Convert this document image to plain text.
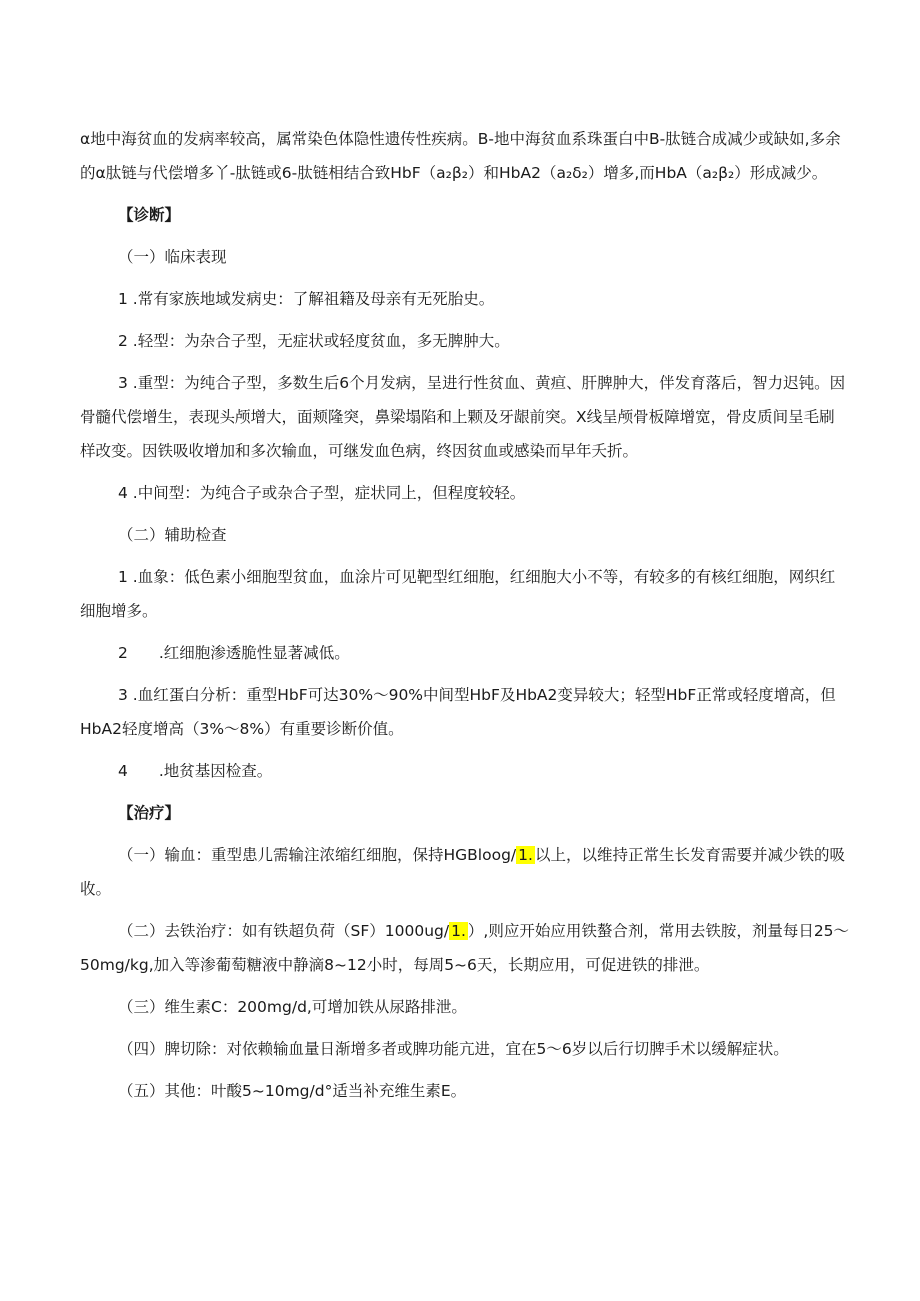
α地中海贫血的发病率较高，属常染色体隐性遗传性疾病。B-地中海贫血系珠蛋白中B-肽链合成减少或缺如,多余的α肽链与代偿增多丫-肽链或6-肽链相结合致HbF（a₂β₂）和HbA2（a₂δ₂）增多,而HbA（a₂β₂）形成减少。

【诊断】

（一）临床表现

1 .常有家族地域发病史：了解祖籍及母亲有无死胎史。

2 .轻型：为杂合子型，无症状或轻度贫血，多无脾肿大。

3 .重型：为纯合子型，多数生后6个月发病，呈进行性贫血、黄疸、肝脾肿大，伴发育落后，智力迟钝。因骨髓代偿增生，表现头颅增大，面颊隆突，鼻梁塌陷和上颗及牙龈前突。X线呈颅骨板障增宽，骨皮质间呈毛刷样改变。因铁吸收增加和多次输血，可继发血色病，终因贫血或感染而早年夭折。

4 .中间型：为纯合子或杂合子型，症状同上，但程度较轻。

（二）辅助检查

1 .血象：低色素小细胞型贫血，血涂片可见靶型红细胞，红细胞大小不等，有较多的有核红细胞，网织红细胞增多。

2　　.红细胞渗透脆性显著减低。

3 .血红蛋白分析：重型HbF可达30%～90%中间型HbF及HbA2变异较大；轻型HbF正常或轻度增高，但HbA2轻度增高（3%～8%）有重要诊断价值。

4　　.地贫基因检查。

【治疗】

（一）输血：重型患儿需输注浓缩红细胞，保持HGBloog/ 1. 以上，以维持正常生长发育需要并减少铁的吸收。

（二）去铁治疗：如有铁超负荷（SF）1000ug/ 1. ）,则应开始应用铁螯合剂，常用去铁胺，剂量每日25～50mg/kg,加入等渗葡萄糖液中静滴8~12小时，每周5~6天，长期应用，可促进铁的排泄。

（三）维生素C：200mg/d,可增加铁从尿路排泄。

（四）脾切除：对依赖输血量日渐增多者或脾功能亢进，宜在5～6岁以后行切脾手术以缓解症状。

（五）其他：叶酸5~10mg/d°适当补充维生素E。
